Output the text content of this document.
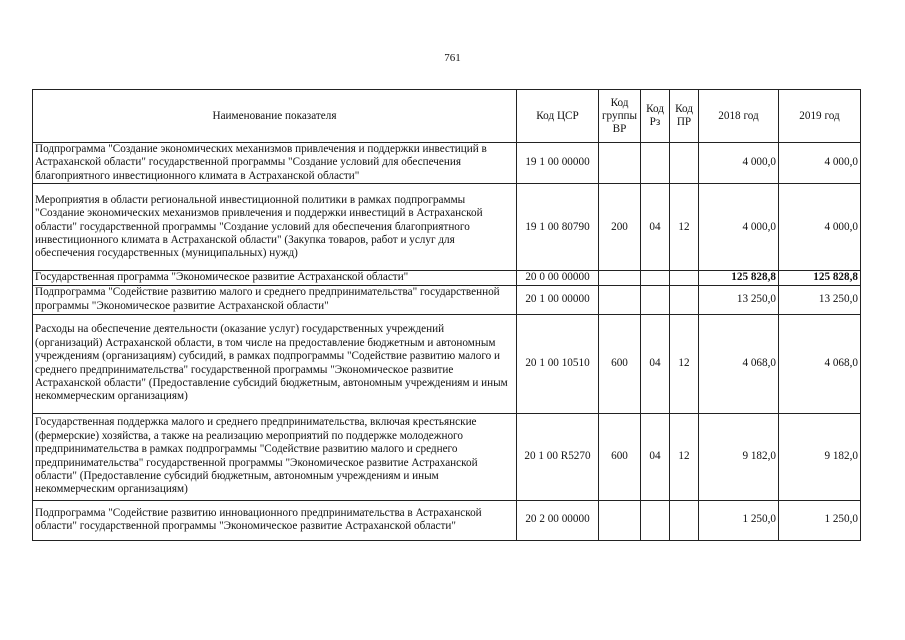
761
Наименование показателя	Код ЦСР	Код группы ВР	Код Рз	Код ПР	2018 год	2019 год
Подпрограмма "Создание экономических механизмов привлечения и поддержки инвестиций в Астраханской области" государственной программы "Создание условий для обеспечения благоприятного инвестиционного климата в Астраханской области"	19 1 00 00000				4 000,0	4 000,0
Мероприятия в области региональной инвестиционной политики в рамках подпрограммы "Создание экономических механизмов привлечения и поддержки инвестиций в Астраханской области" государственной программы "Создание условий для обеспечения благоприятного инвестиционного климата в Астраханской области" (Закупка товаров, работ и услуг для обеспечения государственных (муниципальных) нужд)	19 1 00 80790	200	04	12	4 000,0	4 000,0
Государственная программа "Экономическое развитие Астраханской области"	20 0 00 00000				125 828,8	125 828,8
Подпрограмма "Содействие развитию малого и среднего предпринимательства" государственной программы "Экономическое развитие Астраханской области"	20 1 00 00000				13 250,0	13 250,0
Расходы на обеспечение деятельности (оказание услуг) государственных учреждений (организаций) Астраханской области, в том числе на предоставление бюджетным и автономным учреждениям (организациям) субсидий, в рамках подпрограммы "Содействие развитию малого и среднего предпринимательства" государственной программы "Экономическое развитие Астраханской области" (Предоставление субсидий бюджетным, автономным учреждениям и иным некоммерческим организациям)	20 1 00 10510	600	04	12	4 068,0	4 068,0
Государственная поддержка малого и среднего предпринимательства, включая крестьянские (фермерские) хозяйства, а также на реализацию мероприятий по поддержке молодежного предпринимательства в рамках подпрограммы "Содействие развитию малого и среднего предпринимательства" государственной программы "Экономическое развитие Астраханской области" (Предоставление субсидий бюджетным, автономным учреждениям и иным некоммерческим организациям)	20 1 00 R5270	600	04	12	9 182,0	9 182,0
Подпрограмма "Содействие развитию инновационного предпринимательства в Астраханской области" государственной программы "Экономическое развитие Астраханской области"	20 2 00 00000				1 250,0	1 250,0
